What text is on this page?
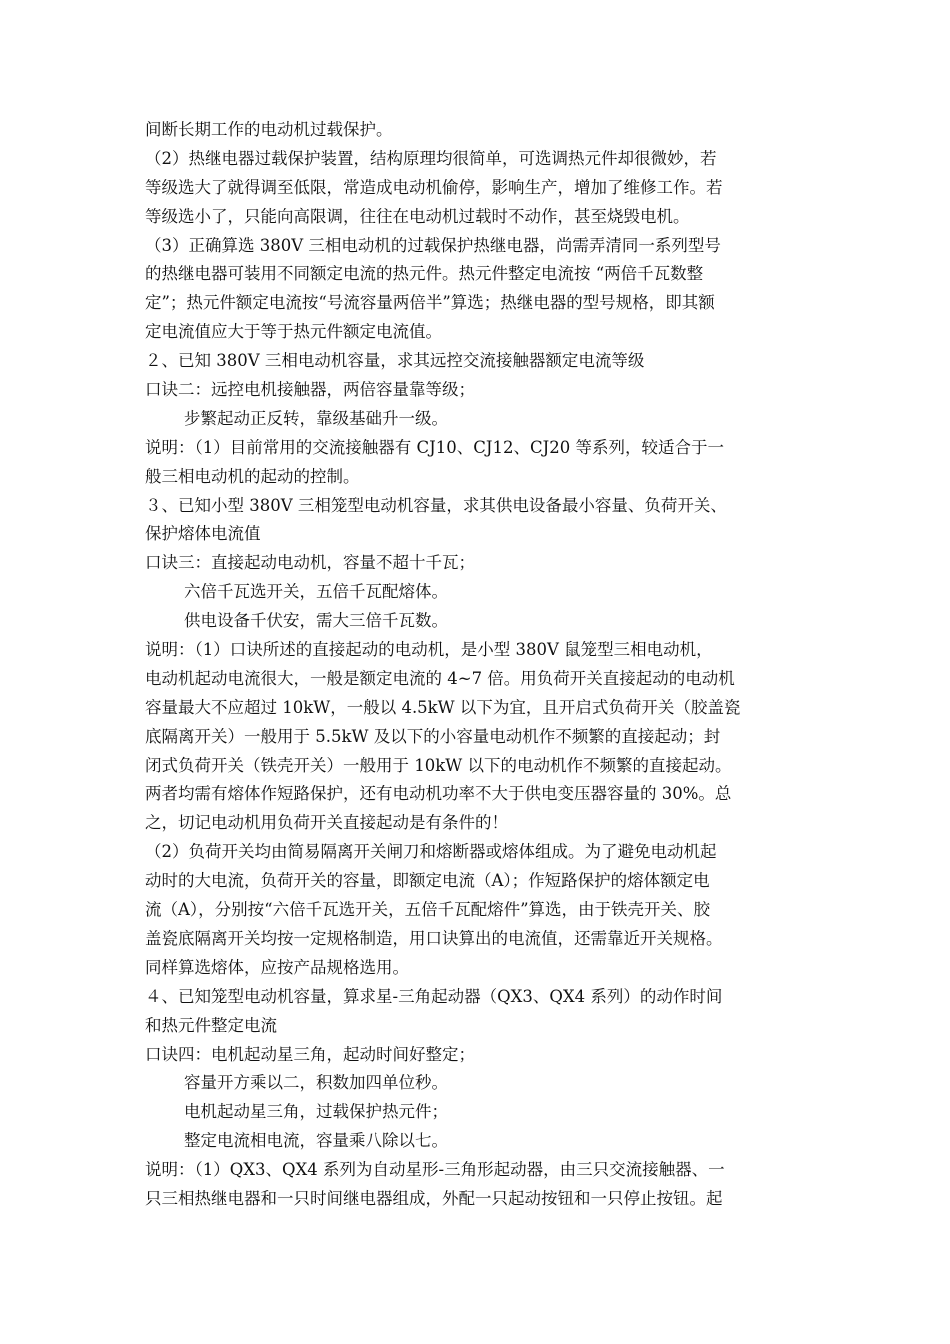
间断长期工作的电动机过载保护。
（2）热继电器过载保护装置，结构原理均很简单，可选调热元件却很微妙，若
等级选大了就得调至低限，常造成电动机偷停，影响生产，增加了维修工作。若
等级选小了，只能向高限调，往往在电动机过载时不动作，甚至烧毁电机。
（3）正确算选 380V 三相电动机的过载保护热继电器，尚需弄清同一系列型号
的热继电器可装用不同额定电流的热元件。热元件整定电流按 “两倍千瓦数整
定”；热元件额定电流按“号流容量两倍半”算选；热继电器的型号规格，即其额
定电流值应大于等于热元件额定电流值。
２、已知 380V 三相电动机容量，求其远控交流接触器额定电流等级
口诀二：远控电机接触器，两倍容量靠等级；
步繁起动正反转，靠级基础升一级。
说明：（1）目前常用的交流接触器有 CJ10、CJ12、CJ20 等系列，较适合于一
般三相电动机的起动的控制。
３、已知小型 380V 三相笼型电动机容量，求其供电设备最小容量、负荷开关、
保护熔体电流值
口诀三：直接起动电动机，容量不超十千瓦；
六倍千瓦选开关，五倍千瓦配熔体。
供电设备千伏安，需大三倍千瓦数。
说明：（1）口诀所述的直接起动的电动机，是小型 380V 鼠笼型三相电动机，
电动机起动电流很大，一般是额定电流的 4~7 倍。用负荷开关直接起动的电动机
容量最大不应超过 10kW，一般以 4.5kW 以下为宜，且开启式负荷开关（胶盖瓷
底隔离开关）一般用于 5.5kW 及以下的小容量电动机作不频繁的直接起动；封
闭式负荷开关（铁壳开关）一般用于 10kW 以下的电动机作不频繁的直接起动。
两者均需有熔体作短路保护，还有电动机功率不大于供电变压器容量的 30%。总
之，切记电动机用负荷开关直接起动是有条件的！
（2）负荷开关均由简易隔离开关闸刀和熔断器或熔体组成。为了避免电动机起
动时的大电流，负荷开关的容量，即额定电流（A）；作短路保护的熔体额定电
流（A），分别按“六倍千瓦选开关，五倍千瓦配熔件”算选，由于铁壳开关、胶
盖瓷底隔离开关均按一定规格制造，用口诀算出的电流值，还需靠近开关规格。
同样算选熔体，应按产品规格选用。
４、已知笼型电动机容量，算求星-三角起动器（QX3、QX4 系列）的动作时间
和热元件整定电流
口诀四：电机起动星三角，起动时间好整定；
容量开方乘以二，积数加四单位秒。
电机起动星三角，过载保护热元件；
整定电流相电流，容量乘八除以七。
说明：（1）QX3、QX4 系列为自动星形-三角形起动器，由三只交流接触器、一
只三相热继电器和一只时间继电器组成，外配一只起动按钮和一只停止按钮。起
